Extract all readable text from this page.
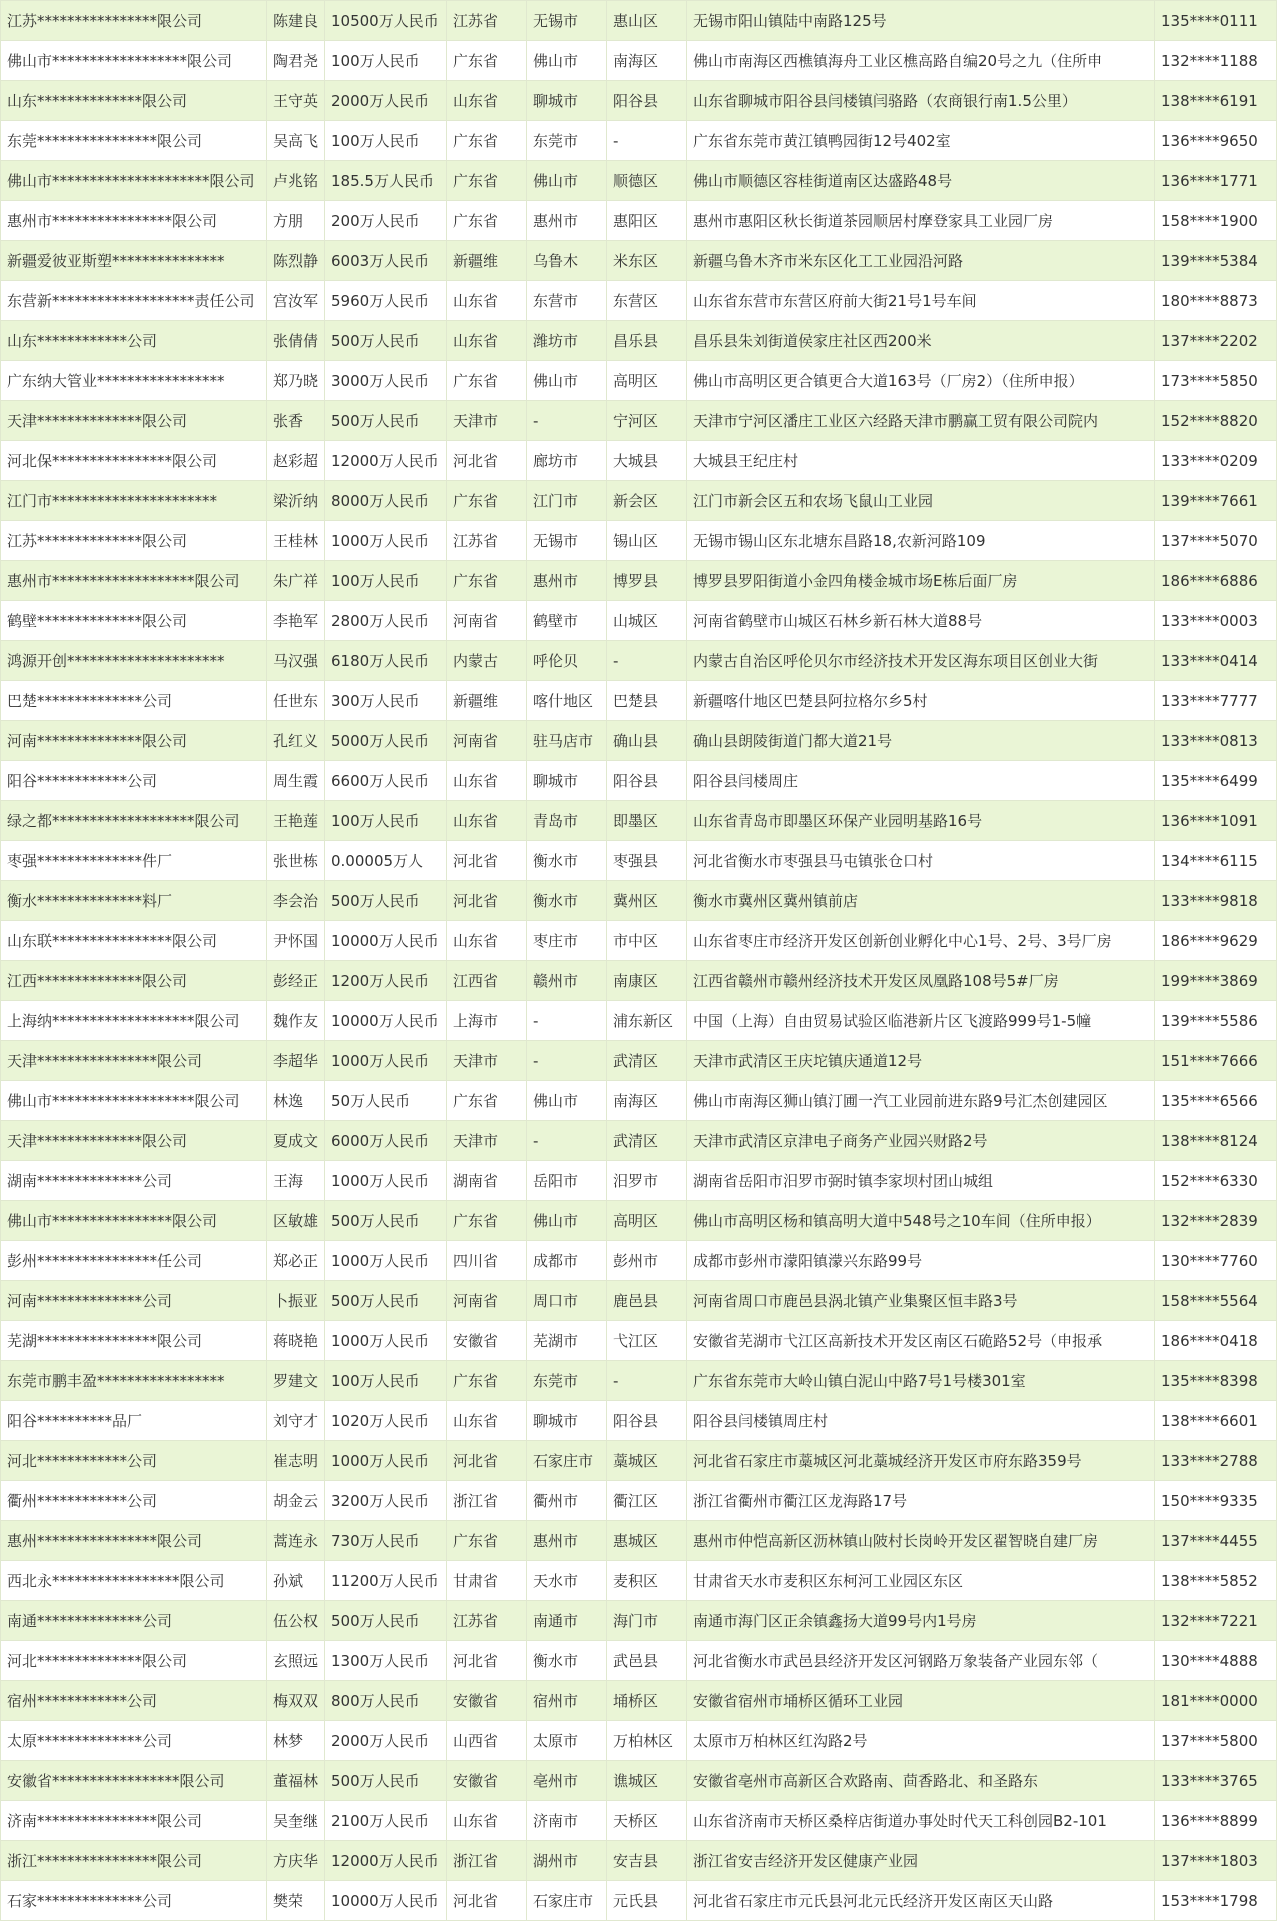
江苏****************限公司	陈建良	10500万人民币	江苏省	无锡市	惠山区	无锡市阳山镇陆中南路125号	135****0111
佛山市******************限公司	陶君尧	100万人民币	广东省	佛山市	南海区	佛山市南海区西樵镇海舟工业区樵高路自编20号之九（住所申	132****1188
山东**************限公司	王守英	2000万人民币	山东省	聊城市	阳谷县	山东省聊城市阳谷县闫楼镇闫骆路（农商银行南1.5公里）	138****6191
东莞****************限公司	吴高飞	100万人民币	广东省	东莞市	-	广东省东莞市黄江镇鸭园街12号402室	136****9650
佛山市*********************限公司	卢兆铭	185.5万人民币	广东省	佛山市	顺德区	佛山市顺德区容桂街道南区达盛路48号	136****1771
惠州市****************限公司	方朋	200万人民币	广东省	惠州市	惠阳区	惠州市惠阳区秋长街道茶园顺居村摩登家具工业园厂房	158****1900
新疆爱彼亚斯塑***************	陈烈静	6003万人民币	新疆维	乌鲁木	米东区	新疆乌鲁木齐市米东区化工工业园沿河路	139****5384
东营新*******************责任公司	宫汝军	5960万人民币	山东省	东营市	东营区	山东省东营市东营区府前大街21号1号车间	180****8873
山东************公司	张倩倩	500万人民币	山东省	潍坊市	昌乐县	昌乐县朱刘街道侯家庄社区西200米	137****2202
广东纳大管业*****************	郑乃晓	3000万人民币	广东省	佛山市	高明区	佛山市高明区更合镇更合大道163号（厂房2）（住所申报）	173****5850
天津**************限公司	张香	500万人民币	天津市	-	宁河区	天津市宁河区潘庄工业区六经路天津市鹏赢工贸有限公司院内	152****8820
河北保****************限公司	赵彩超	12000万人民币	河北省	廊坊市	大城县	大城县王纪庄村	133****0209
江门市**********************	梁沂纳	8000万人民币	广东省	江门市	新会区	江门市新会区五和农场飞鼠山工业园	139****7661
江苏**************限公司	王桂林	1000万人民币	江苏省	无锡市	锡山区	无锡市锡山区东北塘东昌路18,农新河路109	137****5070
惠州市*******************限公司	朱广祥	100万人民币	广东省	惠州市	博罗县	博罗县罗阳街道小金四角楼金城市场E栋后面厂房	186****6886
鹤壁**************限公司	李艳军	2800万人民币	河南省	鹤壁市	山城区	河南省鹤壁市山城区石林乡新石林大道88号	133****0003
鸿源开创*********************	马汉强	6180万人民币	内蒙古	呼伦贝	-	内蒙古自治区呼伦贝尔市经济技术开发区海东项目区创业大街	133****0414
巴楚**************公司	任世东	300万人民币	新疆维	喀什地区	巴楚县	新疆喀什地区巴楚县阿拉格尔乡5村	133****7777
河南**************限公司	孔红义	5000万人民币	河南省	驻马店市	确山县	确山县朗陵街道门都大道21号	133****0813
阳谷************公司	周生霞	6600万人民币	山东省	聊城市	阳谷县	阳谷县闫楼周庄	135****6499
绿之都*******************限公司	王艳莲	100万人民币	山东省	青岛市	即墨区	山东省青岛市即墨区环保产业园明基路16号	136****1091
枣强**************件厂	张世栋	0.00005万人	河北省	衡水市	枣强县	河北省衡水市枣强县马屯镇张仓口村	134****6115
衡水**************料厂	李会治	500万人民币	河北省	衡水市	冀州区	衡水市冀州区冀州镇前店	133****9818
山东联****************限公司	尹怀国	10000万人民币	山东省	枣庄市	市中区	山东省枣庄市经济开发区创新创业孵化中心1号、2号、3号厂房	186****9629
江西**************限公司	彭经正	1200万人民币	江西省	赣州市	南康区	江西省赣州市赣州经济技术开发区凤凰路108号5#厂房	199****3869
上海纳*******************限公司	魏作友	10000万人民币	上海市	-	浦东新区	中国（上海）自由贸易试验区临港新片区飞渡路999号1-5幢	139****5586
天津****************限公司	李超华	1000万人民币	天津市	-	武清区	天津市武清区王庆坨镇庆通道12号	151****7666
佛山市*******************限公司	林逸	50万人民币	广东省	佛山市	南海区	佛山市南海区狮山镇汀圃一汽工业园前进东路9号汇杰创建园区	135****6566
天津**************限公司	夏成文	6000万人民币	天津市	-	武清区	天津市武清区京津电子商务产业园兴财路2号	138****8124
湖南**************公司	王海	1000万人民币	湖南省	岳阳市	汨罗市	湖南省岳阳市汨罗市弼时镇李家坝村团山城组	152****6330
佛山市****************限公司	区敏雄	500万人民币	广东省	佛山市	高明区	佛山市高明区杨和镇高明大道中548号之10车间（住所申报）	132****2839
彭州****************任公司	郑必正	1000万人民币	四川省	成都市	彭州市	成都市彭州市濛阳镇濛兴东路99号	130****7760
河南**************公司	卜振亚	500万人民币	河南省	周口市	鹿邑县	河南省周口市鹿邑县涡北镇产业集聚区恒丰路3号	158****5564
芜湖****************限公司	蒋晓艳	1000万人民币	安徽省	芜湖市	弋江区	安徽省芜湖市弋江区高新技术开发区南区石硊路52号（申报承	186****0418
东莞市鹏丰盈*****************	罗建文	100万人民币	广东省	东莞市	-	广东省东莞市大岭山镇白泥山中路7号1号楼301室	135****8398
阳谷**********品厂	刘守才	1020万人民币	山东省	聊城市	阳谷县	阳谷县闫楼镇周庄村	138****6601
河北************公司	崔志明	1000万人民币	河北省	石家庄市	藁城区	河北省石家庄市藁城区河北藁城经济开发区市府东路359号	133****2788
衢州************公司	胡金云	3200万人民币	浙江省	衢州市	衢江区	浙江省衢州市衢江区龙海路17号	150****9335
惠州****************限公司	蒿连永	730万人民币	广东省	惠州市	惠城区	惠州市仲恺高新区沥林镇山陂村长岗岭开发区翟智晓自建厂房	137****4455
西北永*****************限公司	孙斌	11200万人民币	甘肃省	天水市	麦积区	甘肃省天水市麦积区东柯河工业园区东区	138****5852
南通**************公司	伍公权	500万人民币	江苏省	南通市	海门市	南通市海门区正余镇鑫扬大道99号内1号房	132****7221
河北**************限公司	玄照远	1300万人民币	河北省	衡水市	武邑县	河北省衡水市武邑县经济开发区河钢路万象装备产业园东邻（	130****4888
宿州************公司	梅双双	800万人民币	安徽省	宿州市	埇桥区	安徽省宿州市埇桥区循环工业园	181****0000
太原**************公司	林梦	2000万人民币	山西省	太原市	万柏林区	太原市万柏林区红沟路2号	137****5800
安徽省*****************限公司	董福林	500万人民币	安徽省	亳州市	谯城区	安徽省亳州市高新区合欢路南、茴香路北、和圣路东	133****3765
济南****************限公司	吴奎继	2100万人民币	山东省	济南市	天桥区	山东省济南市天桥区桑梓店街道办事处时代天工科创园B2-101	136****8899
浙江****************限公司	方庆华	12000万人民币	浙江省	湖州市	安吉县	浙江省安吉经济开发区健康产业园	137****1803
石家**************公司	樊荣	10000万人民币	河北省	石家庄市	元氏县	河北省石家庄市元氏县河北元氏经济开发区南区天山路	153****1798
